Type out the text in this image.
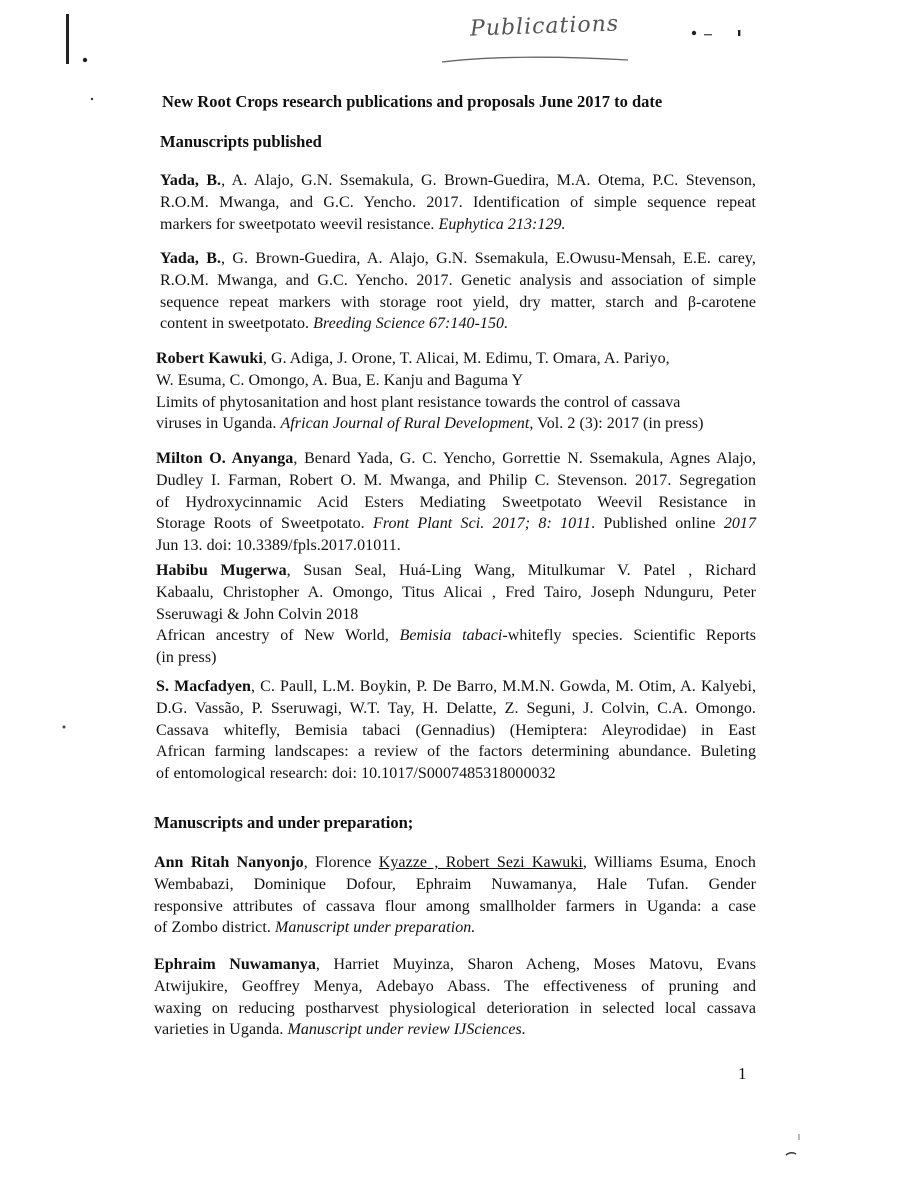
Publications
New Root Crops research publications and proposals June 2017 to date
Manuscripts published
Yada, B., A. Alajo, G.N. Ssemakula, G. Brown-Guedira, M.A. Otema, P.C. Stevenson,
R.O.M. Mwanga, and G.C. Yencho. 2017. Identification of simple sequence repeat
markers for sweetpotato weevil resistance. Euphytica 213:129.
Yada, B., G. Brown-Guedira, A. Alajo, G.N. Ssemakula, E.Owusu-Mensah, E.E. carey,
R.O.M. Mwanga, and G.C. Yencho. 2017. Genetic analysis and association of simple
sequence repeat markers with storage root yield, dry matter, starch and β-carotene
content in sweetpotato. Breeding Science 67:140-150.
Robert Kawuki, G. Adiga, J. Orone, T. Alicai, M. Edimu, T. Omara, A. Pariyo,
W. Esuma, C. Omongo, A. Bua, E. Kanju and Baguma Y
Limits of phytosanitation and host plant resistance towards the control of cassava
viruses in Uganda. African Journal of Rural Development, Vol. 2 (3): 2017 (in press)
Milton O. Anyanga, Benard Yada, G. C. Yencho, Gorrettie N. Ssemakula, Agnes Alajo,
Dudley I. Farman, Robert O. M. Mwanga, and Philip C. Stevenson. 2017. Segregation
of Hydroxycinnamic Acid Esters Mediating Sweetpotato Weevil Resistance in
Storage Roots of Sweetpotato. Front Plant Sci. 2017; 8: 1011. Published online 2017
Jun 13. doi: 10.3389/fpls.2017.01011.
Habibu Mugerwa, Susan Seal, Huá-Ling Wang, Mitulkumar V. Patel , Richard
Kabaalu, Christopher A. Omongo, Titus Alicai , Fred Tairo, Joseph Ndunguru, Peter
Sseruwagi & John Colvin 2018
African ancestry of New World, Bemisia tabaci-whitefly species. Scientific Reports
(in press)
S. Macfadyen, C. Paull, L.M. Boykin, P. De Barro, M.M.N. Gowda, M. Otim, A. Kalyebi,
D.G. Vassão, P. Sseruwagi, W.T. Tay, H. Delatte, Z. Seguni, J. Colvin, C.A. Omongo.
Cassava whitefly, Bemisia tabaci (Gennadius) (Hemiptera: Aleyrodidae) in East
African farming landscapes: a review of the factors determining abundance. Buleting
of entomological research: doi: 10.1017/S0007485318000032
Manuscripts and under preparation;
Ann Ritah Nanyonjo, Florence Kyazze , Robert Sezi Kawuki, Williams Esuma, Enoch
Wembabazi, Dominique Dofour, Ephraim Nuwamanya, Hale Tufan. Gender
responsive attributes of cassava flour among smallholder farmers in Uganda: a case
of Zombo district. Manuscript under preparation.
Ephraim Nuwamanya, Harriet Muyinza, Sharon Acheng, Moses Matovu, Evans
Atwijukire, Geoffrey Menya, Adebayo Abass. The effectiveness of pruning and
waxing on reducing postharvest physiological deterioration in selected local cassava
varieties in Uganda. Manuscript under review IJSciences.
1
